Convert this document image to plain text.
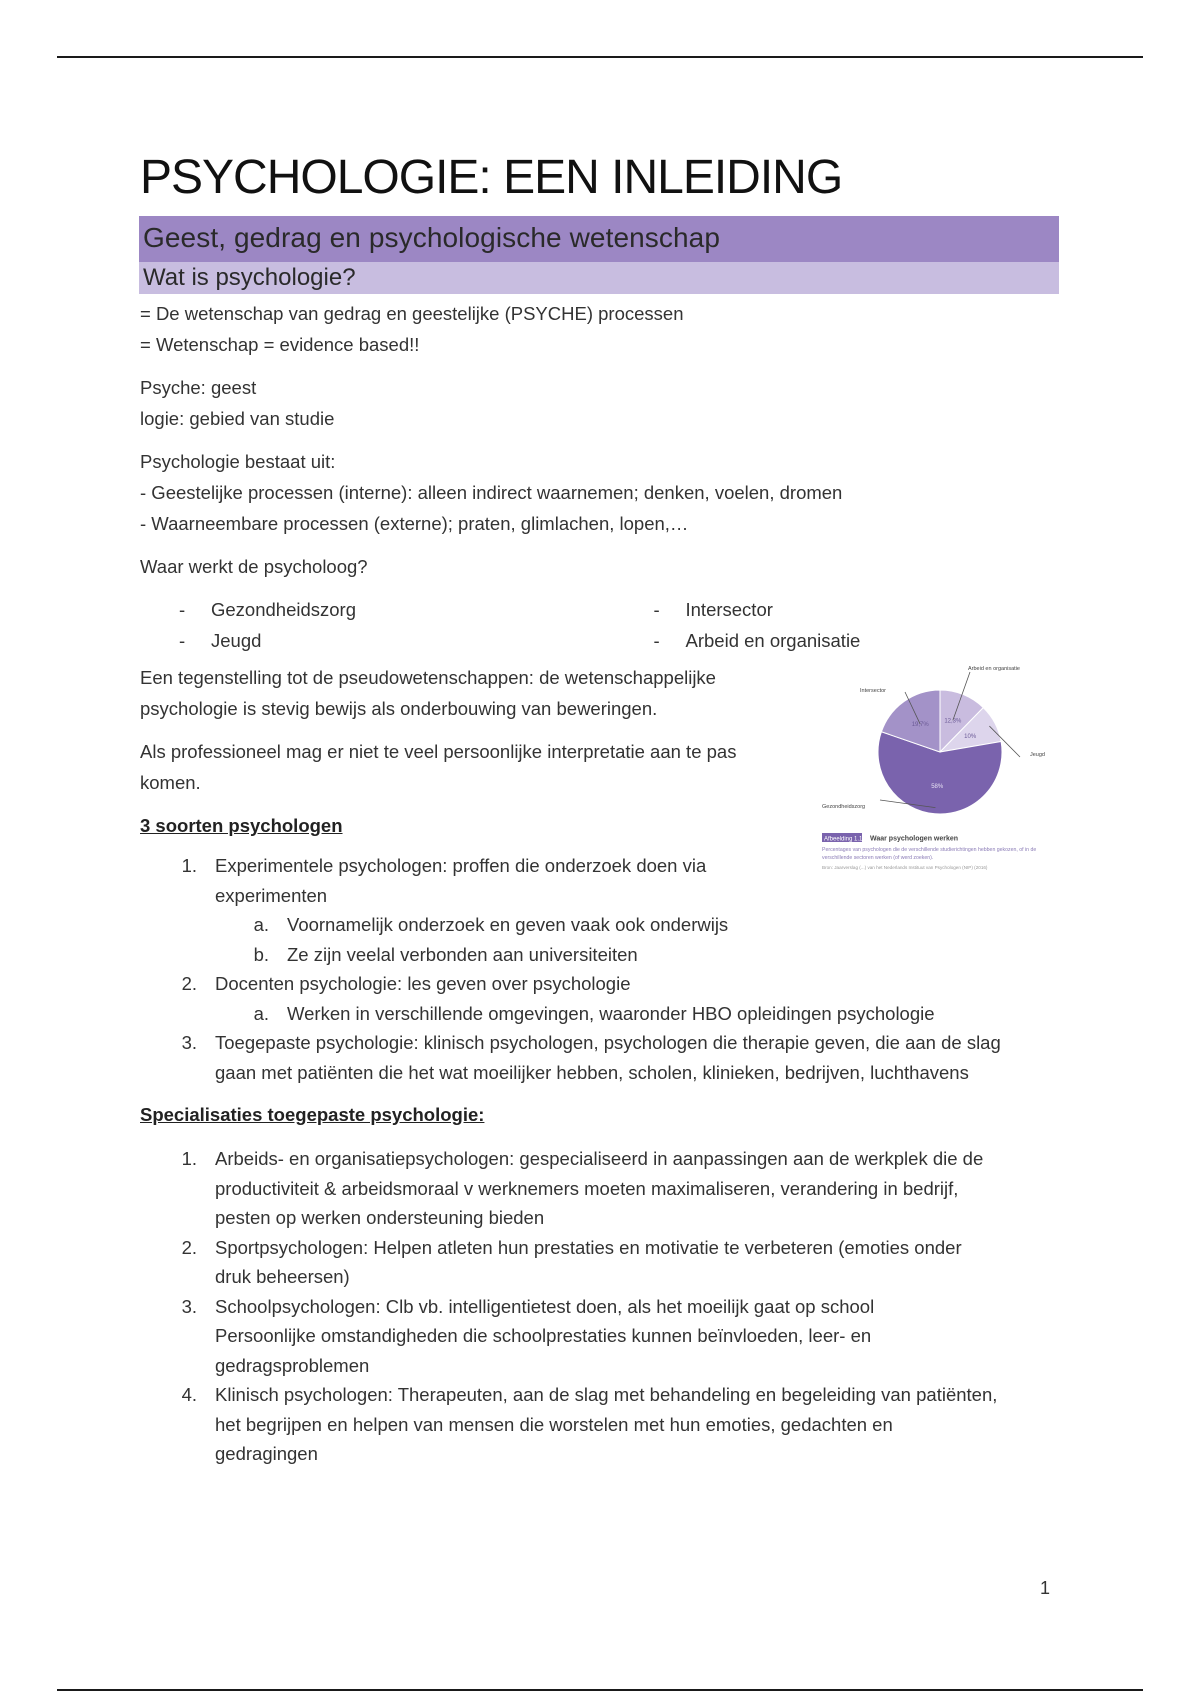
PSYCHOLOGIE: EEN INLEIDING
Geest, gedrag en psychologische wetenschap
Wat is psychologie?

= De wetenschap van gedrag en geestelijke (PSYCHE) processen

= Wetenschap = evidence based!!

Psyche: geest

logie: gebied van studie

Psychologie bestaat uit:

- Geestelijke processen (interne): alleen indirect waarnemen; denken, voelen, dromen

- Waarneembare processen (externe); praten, glimlachen, lopen,…

Waar werkt de psycholoog?

-	Gezondheidszorg
-	Jeugd
-	Intersector
-	Arbeid en organisatie

Een tegenstelling tot de pseudowetenschappen: de wetenschappelijke

psychologie is stevig bewijs als onderbouwing van beweringen.

Als professioneel mag er niet te veel persoonlijke interpretatie aan te pas

komen.

12,3%
Arbeid en organisatie
10%
Jeugd
58%
Gezondheidszorg
19,7%
Intersector
Afbeelding 1.1 Waar psychologen werken
Percentages van psychologen die de verschillende studierichtingen hebben gekozen, of in de
verschillende sectoren werken (of werd zoeken).
Bron: Jaarverslag (...) van het Nederlands Instituut van Psychologen (NIP) (2016)

3 soorten psychologen

1. Experimentele psychologen: proffen die onderzoek doen via
experimenten
a. Voornamelijk onderzoek en geven vaak ook onderwijs
b. Ze zijn veelal verbonden aan universiteiten
2. Docenten psychologie: les geven over psychologie
a. Werken in verschillende omgevingen, waaronder HBO opleidingen psychologie
3. Toegepaste psychologie: klinisch psychologen, psychologen die therapie geven, die aan de slag
gaan met patiënten die het wat moeilijker hebben, scholen, klinieken, bedrijven, luchthavens

Specialisaties toegepaste psychologie:

1. Arbeids- en organisatiepsychologen: gespecialiseerd in aanpassingen aan de werkplek die de
productiviteit & arbeidsmoraal v werknemers moeten maximaliseren, verandering in bedrijf,
pesten op werken ondersteuning bieden
2. Sportpsychologen: Helpen atleten hun prestaties en motivatie te verbeteren (emoties onder
druk beheersen)
3. Schoolpsychologen: Clb vb. intelligentietest doen, als het moeilijk gaat op school
Persoonlijke omstandigheden die schoolprestaties kunnen beïnvloeden, leer- en
gedragsproblemen
4. Klinisch psychologen: Therapeuten, aan de slag met behandeling en begeleiding van patiënten,
het begrijpen en helpen van mensen die worstelen met hun emoties, gedachten en
gedragingen
1
